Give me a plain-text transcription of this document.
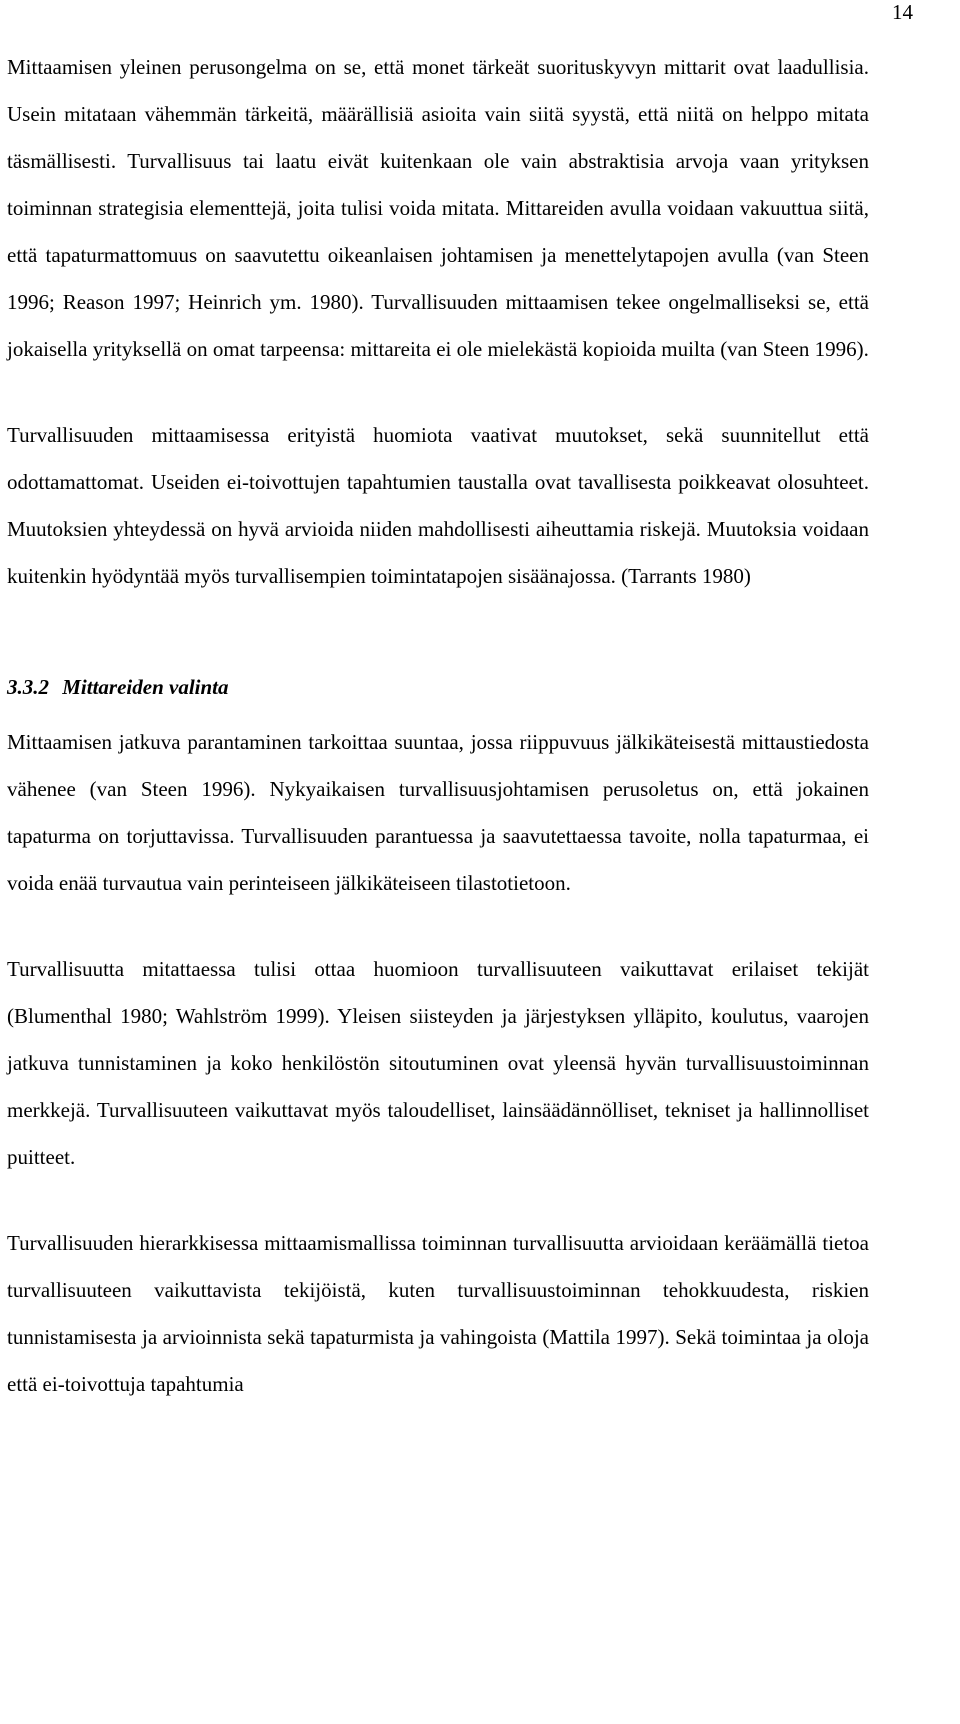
14

Mittaamisen yleinen perusongelma on se, että monet tärkeät suorituskyvyn mittarit ovat laadullisia. Usein mitataan vähemmän tärkeitä, määrällisiä asioita vain siitä syystä, että niitä on helppo mitata täsmällisesti. Turvallisuus tai laatu eivät kuitenkaan ole vain abstraktisia arvoja vaan yrityksen toiminnan strategisia elementtejä, joita tulisi voida mitata. Mittareiden avulla voidaan vakuuttua siitä, että tapaturmattomuus on saavutettu oikeanlaisen johtamisen ja menettelytapojen avulla (van Steen 1996; Reason 1997; Heinrich ym. 1980). Turvallisuuden mittaamisen tekee ongelmalliseksi se, että jokaisella yrityksellä on omat tarpeensa: mittareita ei ole mielekästä kopioida muilta (van Steen 1996).

Turvallisuuden mittaamisessa erityistä huomiota vaativat muutokset, sekä suunnitellut että odottamattomat. Useiden ei-toivottujen tapahtumien taustalla ovat tavallisesta poikkeavat olosuhteet. Muutoksien yhteydessä on hyvä arvioida niiden mahdollisesti aiheuttamia riskejä. Muutoksia voidaan kuitenkin hyödyntää myös turvallisempien toimintatapojen sisäänajossa. (Tarrants 1980)

3.3.2 Mittareiden valinta

Mittaamisen jatkuva parantaminen tarkoittaa suuntaa, jossa riippuvuus jälkikäteisestä mittaustiedosta vähenee (van Steen 1996). Nykyaikaisen turvallisuusjohtamisen perusoletus on, että jokainen tapaturma on torjuttavissa. Turvallisuuden parantuessa ja saavutettaessa tavoite, nolla tapaturmaa, ei voida enää turvautua vain perinteiseen jälkikäteiseen tilastotietoon.

Turvallisuutta mitattaessa tulisi ottaa huomioon turvallisuuteen vaikuttavat erilaiset tekijät (Blumenthal 1980; Wahlström 1999). Yleisen siisteyden ja järjestyksen ylläpito, koulutus, vaarojen jatkuva tunnistaminen ja koko henkilöstön sitoutuminen ovat yleensä hyvän turvallisuustoiminnan merkkejä. Turvallisuuteen vaikuttavat myös taloudelliset, lainsäädännölliset, tekniset ja hallinnolliset puitteet.

Turvallisuuden hierarkkisessa mittaamismallissa toiminnan turvallisuutta arvioidaan keräämällä tietoa turvallisuuteen vaikuttavista tekijöistä, kuten turvallisuustoiminnan tehokkuudesta, riskien tunnistamisesta ja arvioinnista sekä tapaturmista ja vahingoista (Mattila 1997). Sekä toimintaa ja oloja että ei-toivottuja tapahtumia
